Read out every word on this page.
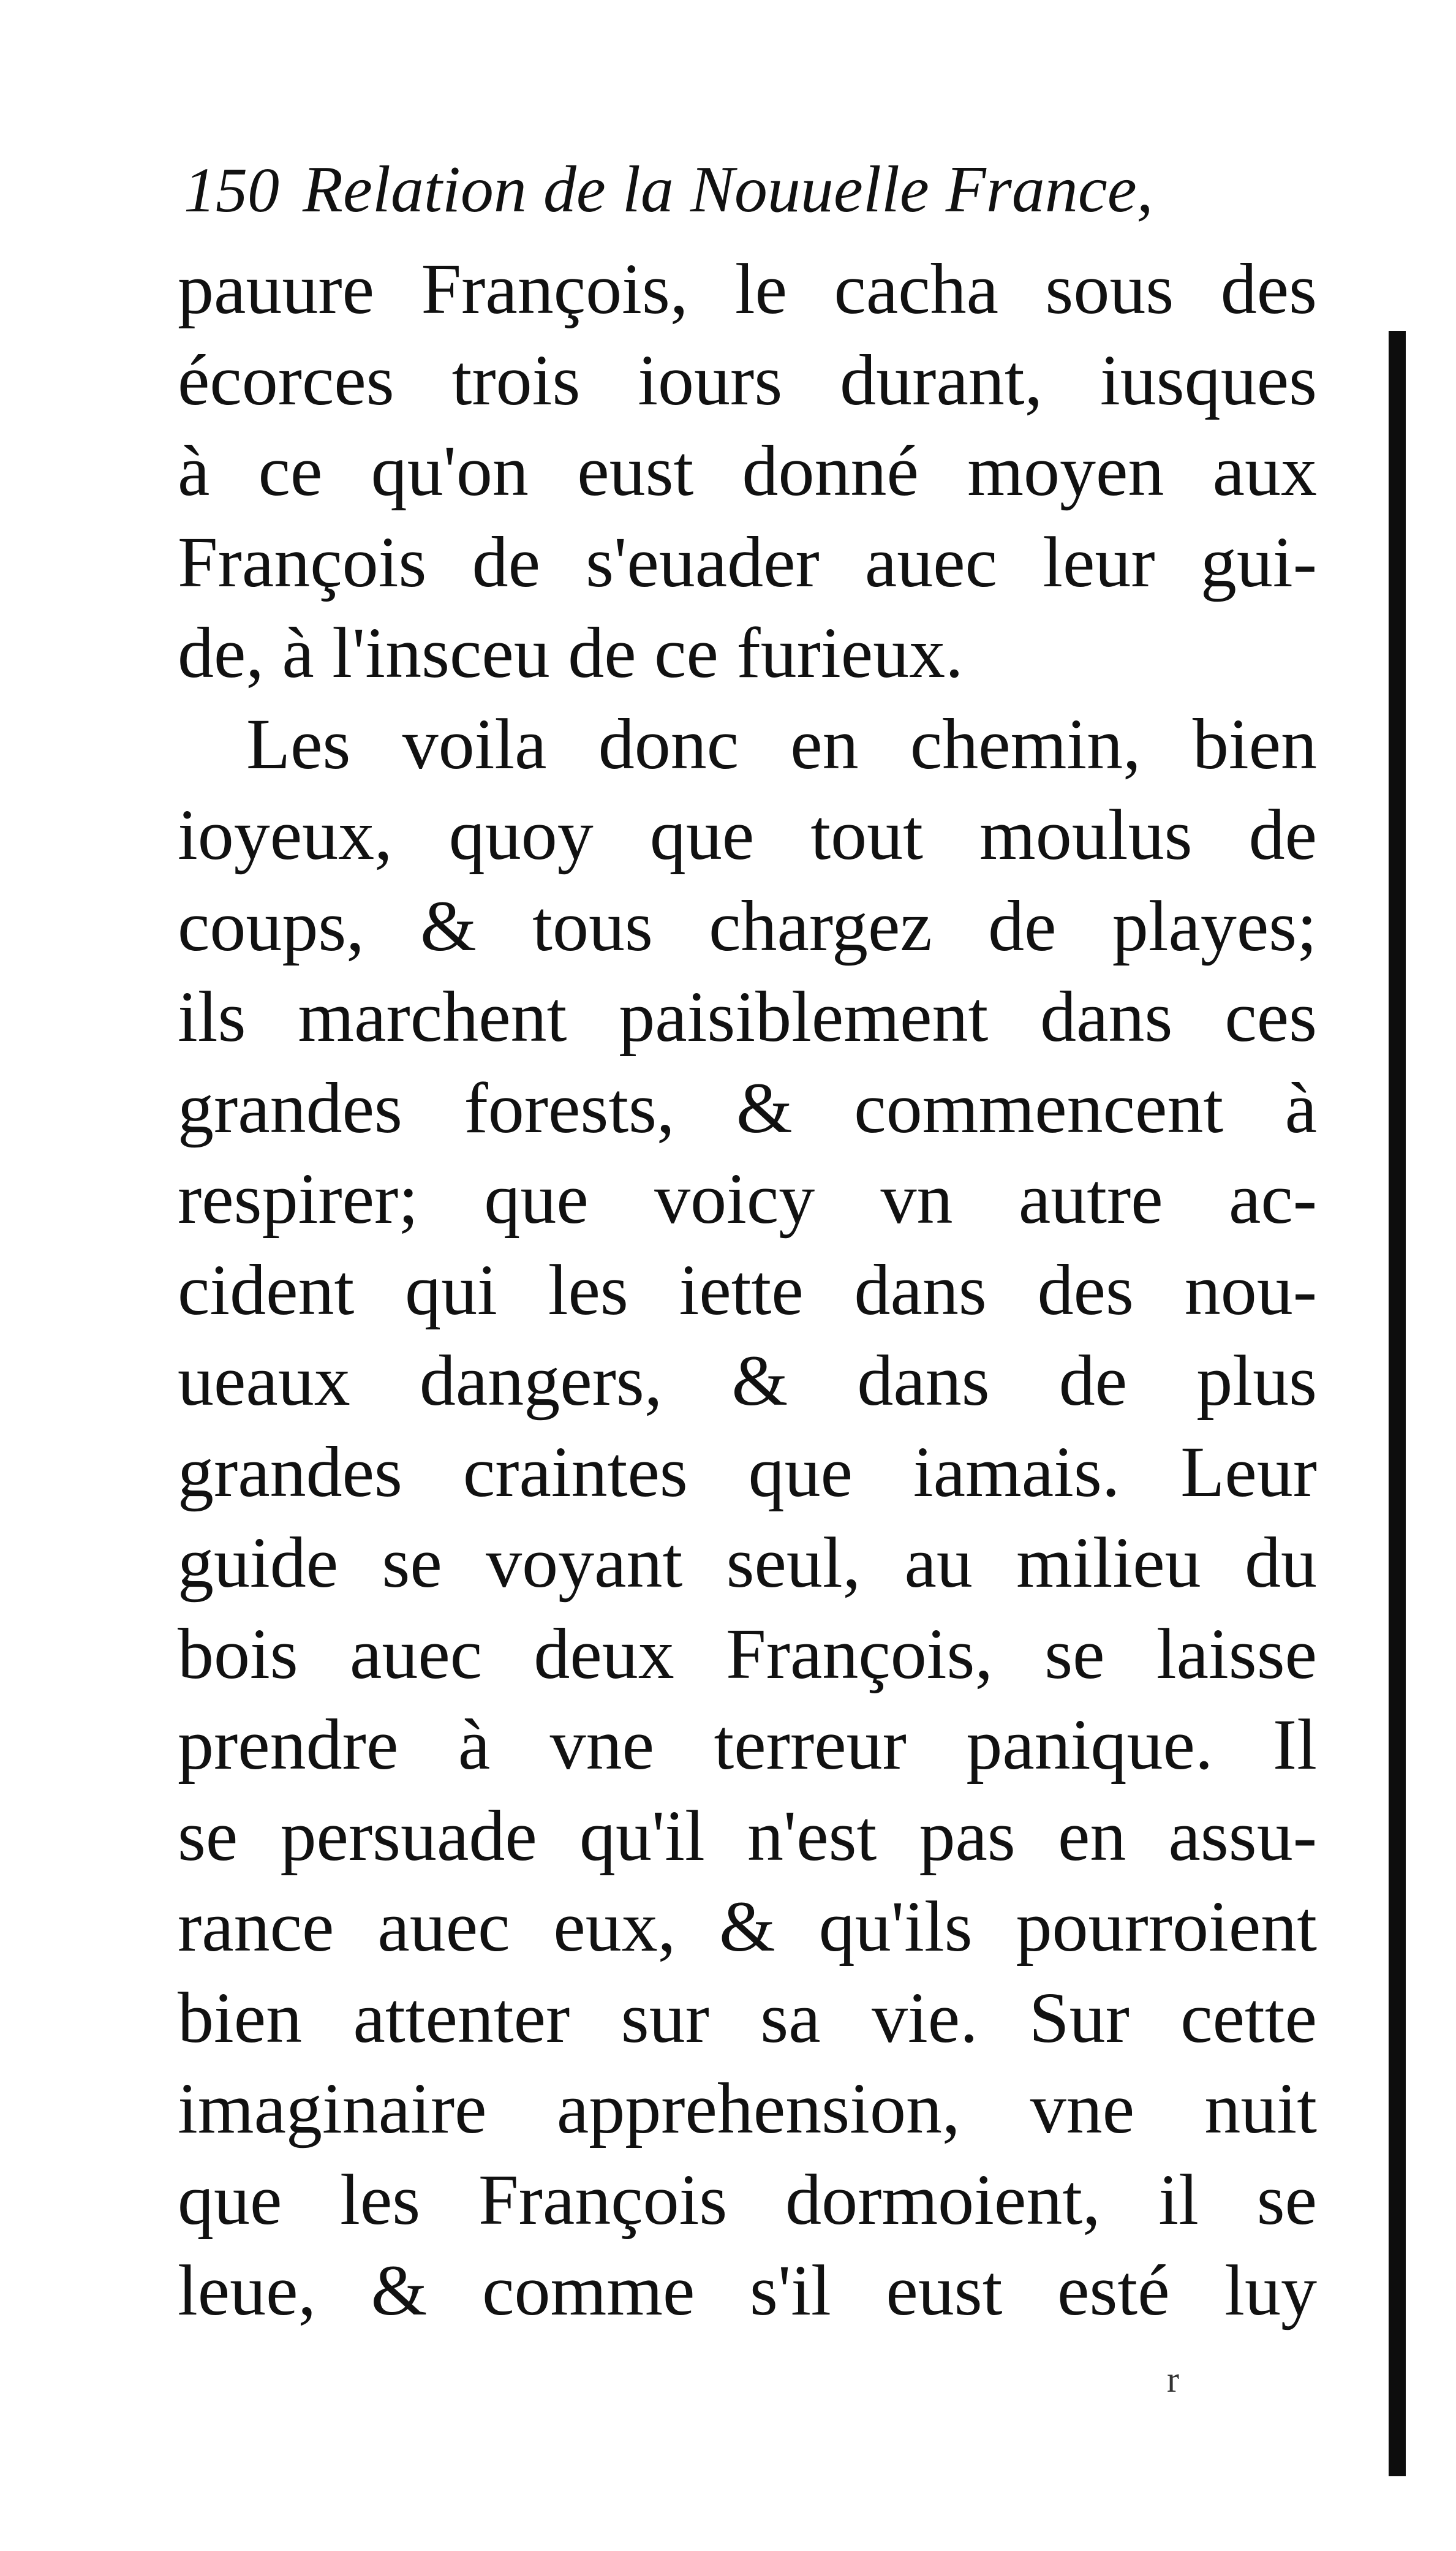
150 Relation de la Nouuelle France,
pauure François, le cacha sous des
écorces trois iours durant, iusques
à ce qu'on eust donné moyen aux
François de s'euader auec leur gui-
de, à l'insceu de ce furieux.
Les voila donc en chemin, bien
ioyeux, quoy que tout moulus de
coups, & tous chargez de playes;
ils marchent paisiblement dans ces
grandes forests, & commencent à
respirer; que voicy vn autre ac-
cident qui les iette dans des nou-
ueaux dangers, & dans de plus
grandes craintes que iamais. Leur
guide se voyant seul, au milieu du
bois auec deux François, se laisse
prendre à vne terreur panique. Il
se persuade qu'il n'est pas en assu-
rance auec eux, & qu'ils pourroient
bien attenter sur sa vie. Sur cette
imaginaire apprehension, vne nuit
que les François dormoient, il se
leue, & comme s'il eust esté luy
r
